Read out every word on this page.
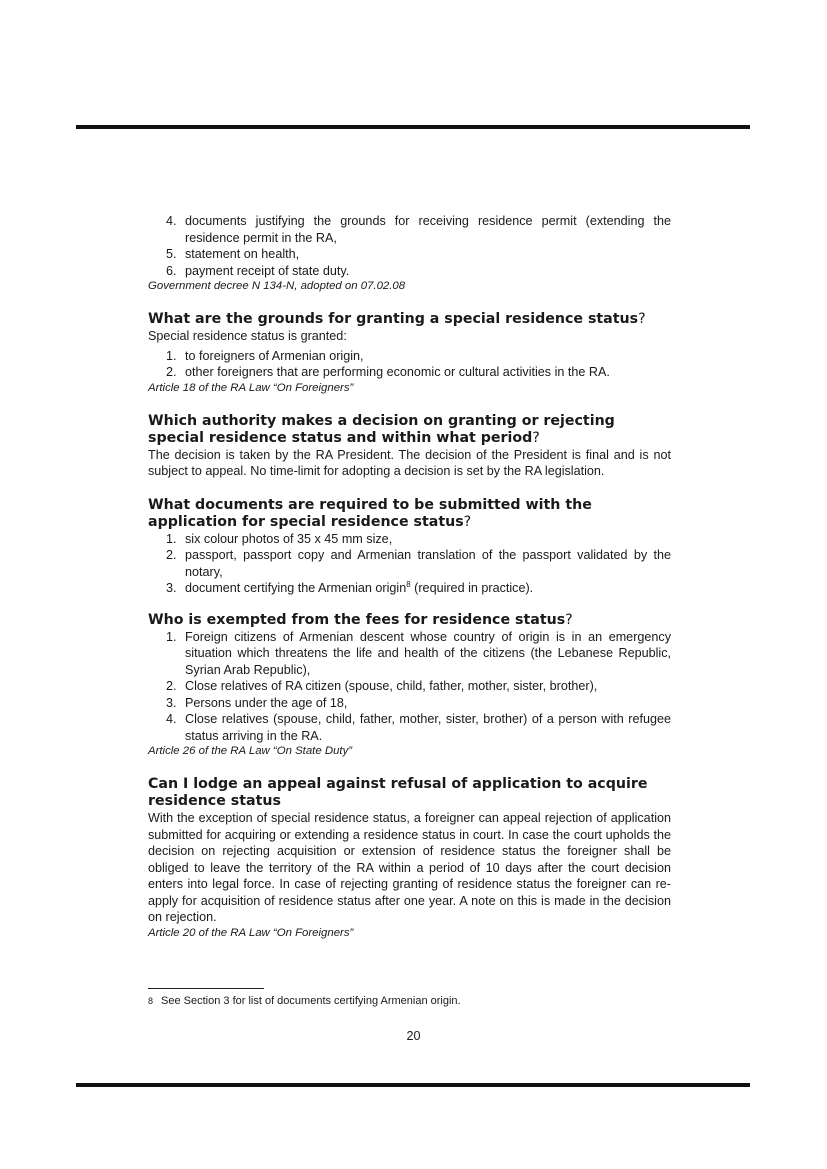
4. documents justifying the grounds for receiving residence permit (extending the residence permit in the RA,
5. statement on health,
6. payment receipt of state duty.

Government decree N 134-N, adopted on 07.02.08

What are the grounds for granting a special residence status?

Special residence status is granted:

1. to foreigners of Armenian origin,
2. other foreigners that are performing economic or cultural activities in the RA.

Article 18 of the RA Law “On Foreigners”

Which authority makes a decision on granting or rejecting special residence status and within what period?

The decision is taken by the RA President. The decision of the President is final and is not subject to appeal. No time-limit for adopting a decision is set by the RA legislation.

What documents are required to be submitted with the application for special residence status?
1. six colour photos of 35 x 45 mm size,
2. passport, passport copy and Armenian translation of the passport validated by the notary,
3. document certifying the Armenian origin$^8$ (required in practice).
Who is exempted from the fees for residence status?
1. Foreign citizens of Armenian descent whose country of origin is in an emergency situation which threatens the life and health of the citizens (the Lebanese Republic, Syrian Arab Republic),
2. Close relatives of RA citizen (spouse, child, father, mother, sister, brother),
3. Persons under the age of 18,
4. Close relatives (spouse, child, father, mother, sister, brother) of a person with refugee status arriving in the RA.

Article 26 of the RA Law “On State Duty”

Can I lodge an appeal against refusal of application to acquire residence status

With the exception of special residence status, a foreigner can appeal rejection of application submitted for acquiring or extending a residence status in court. In case the court upholds the decision on rejecting acquisition or extension of residence status the foreigner shall be obliged to leave the territory of the RA within a period of 10 days after the court decision enters into legal force. In case of rejecting granting of residence status the foreigner can re-apply for acquisition of residence status after one year. A note on this is made in the decision on rejection.

Article 20 of the RA Law “On Foreigners”

$^8$ See Section 3 for list of documents certifying Armenian origin.
20
